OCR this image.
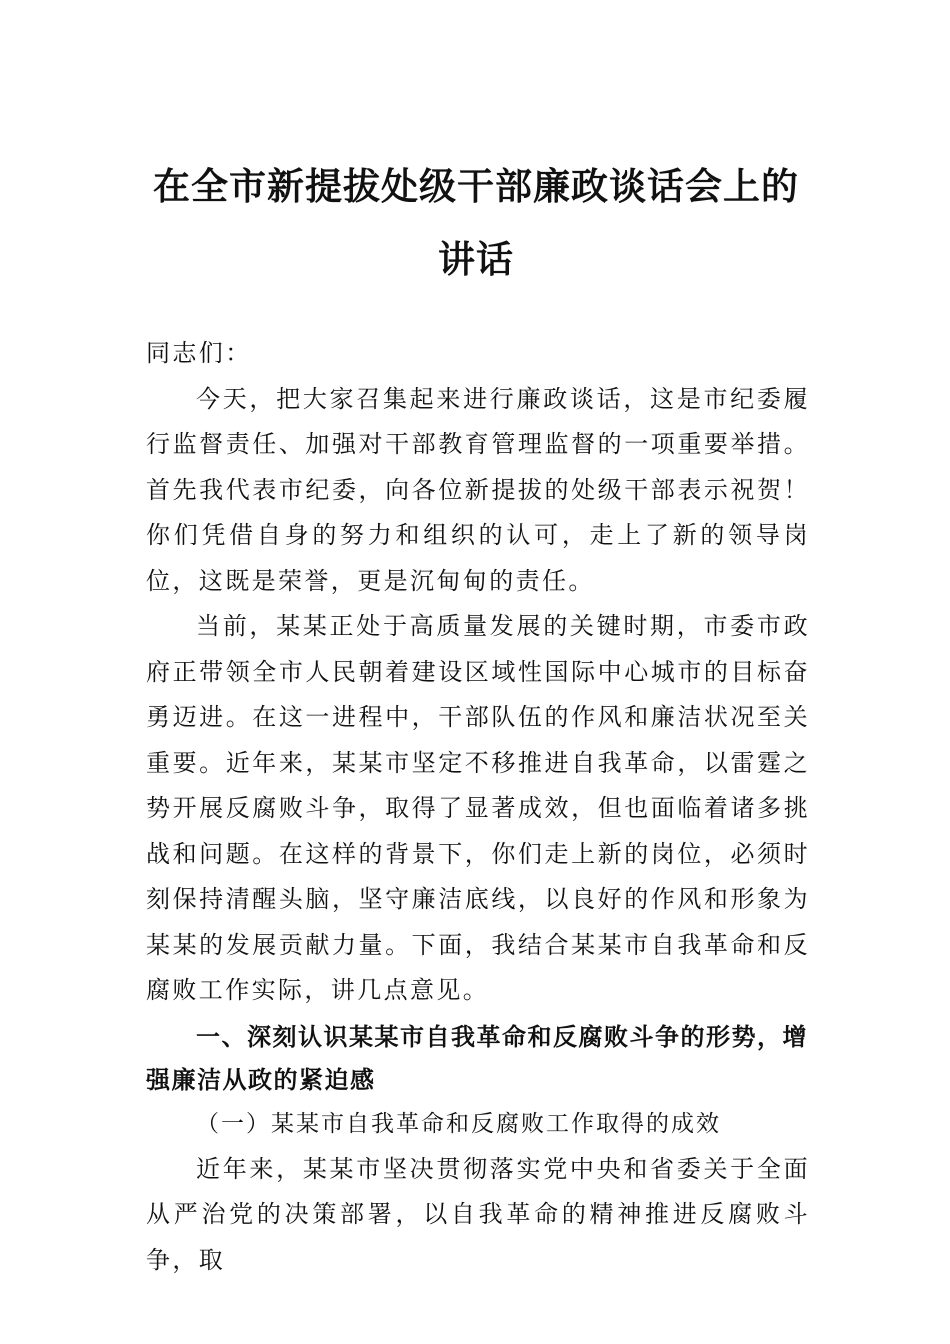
在全市新提拔处级干部廉政谈话会上的讲话

同志们：

今天，把大家召集起来进行廉政谈话，这是市纪委履行监督责任、加强对干部教育管理监督的一项重要举措。首先我代表市纪委，向各位新提拔的处级干部表示祝贺！你们凭借自身的努力和组织的认可，走上了新的领导岗位，这既是荣誉，更是沉甸甸的责任。

当前，某某正处于高质量发展的关键时期，市委市政府正带领全市人民朝着建设区域性国际中心城市的目标奋勇迈进。在这一进程中，干部队伍的作风和廉洁状况至关重要。近年来，某某市坚定不移推进自我革命，以雷霆之势开展反腐败斗争，取得了显著成效，但也面临着诸多挑战和问题。在这样的背景下，你们走上新的岗位，必须时刻保持清醒头脑，坚守廉洁底线，以良好的作风和形象为某某的发展贡献力量。下面，我结合某某市自我革命和反腐败工作实际，讲几点意见。

一、深刻认识某某市自我革命和反腐败斗争的形势，增强廉洁从政的紧迫感

（一）某某市自我革命和反腐败工作取得的成效

近年来，某某市坚决贯彻落实党中央和省委关于全面从严治党的决策部署，以自我革命的精神推进反腐败斗争，取
